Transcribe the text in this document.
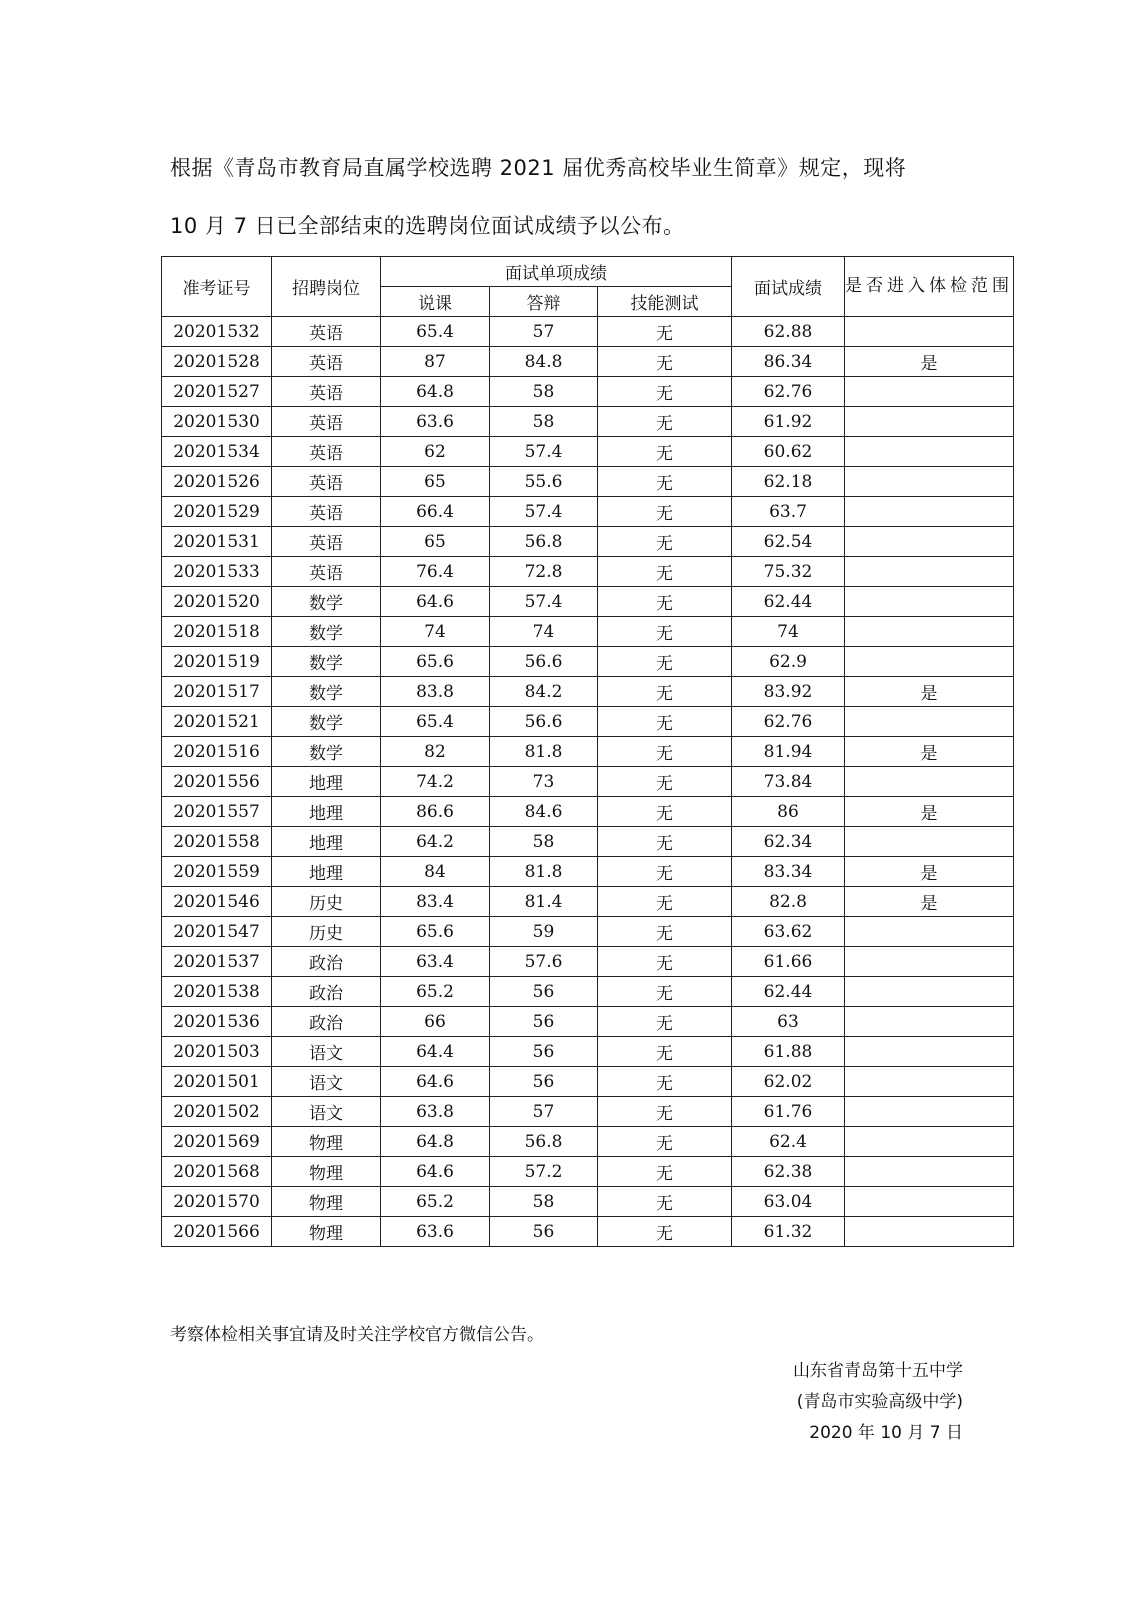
根据《青岛市教育局直属学校选聘 2021 届优秀高校毕业生简章》规定，现将
10 月 7 日已全部结束的选聘岗位面试成绩予以公布。
准考证号	招聘岗位	面试单项成绩			面试成绩	是否进入体检范围
		说课	答辩	技能测试		
20201532	英语	65.4	57	无	62.88	
20201528	英语	87	84.8	无	86.34	是
20201527	英语	64.8	58	无	62.76	
20201530	英语	63.6	58	无	61.92	
20201534	英语	62	57.4	无	60.62	
20201526	英语	65	55.6	无	62.18	
20201529	英语	66.4	57.4	无	63.7	
20201531	英语	65	56.8	无	62.54	
20201533	英语	76.4	72.8	无	75.32	
20201520	数学	64.6	57.4	无	62.44	
20201518	数学	74	74	无	74	
20201519	数学	65.6	56.6	无	62.9	
20201517	数学	83.8	84.2	无	83.92	是
20201521	数学	65.4	56.6	无	62.76	
20201516	数学	82	81.8	无	81.94	是
20201556	地理	74.2	73	无	73.84	
20201557	地理	86.6	84.6	无	86	是
20201558	地理	64.2	58	无	62.34	
20201559	地理	84	81.8	无	83.34	是
20201546	历史	83.4	81.4	无	82.8	是
20201547	历史	65.6	59	无	63.62	
20201537	政治	63.4	57.6	无	61.66	
20201538	政治	65.2	56	无	62.44	
20201536	政治	66	56	无	63	
20201503	语文	64.4	56	无	61.88	
20201501	语文	64.6	56	无	62.02	
20201502	语文	63.8	57	无	61.76	
20201569	物理	64.8	56.8	无	62.4	
20201568	物理	64.6	57.2	无	62.38	
20201570	物理	65.2	58	无	63.04	
20201566	物理	63.6	56	无	61.32	
考察体检相关事宜请及时关注学校官方微信公告。
山东省青岛第十五中学
(青岛市实验高级中学)
2020 年 10 月 7 日
